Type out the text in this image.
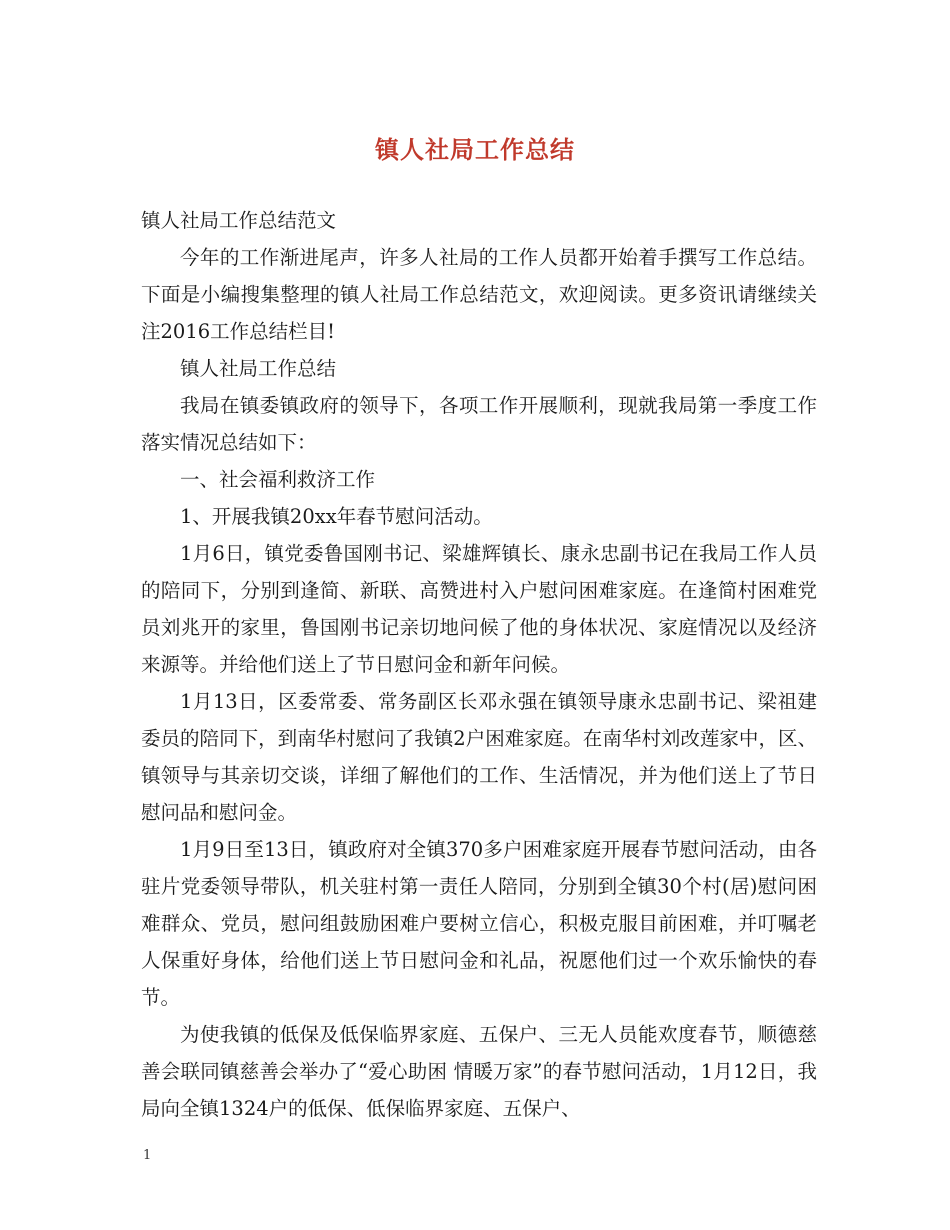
镇人社局工作总结

镇人社局工作总结范文

今年的工作渐进尾声，许多人社局的工作人员都开始着手撰写工作总结。下面是小编搜集整理的镇人社局工作总结范文，欢迎阅读。更多资讯请继续关注2016工作总结栏目!

镇人社局工作总结

我局在镇委镇政府的领导下，各项工作开展顺利，现就我局第一季度工作落实情况总结如下：

一、社会福利救济工作

1、开展我镇20xx年春节慰问活动。

1月6日，镇党委鲁国刚书记、梁雄辉镇长、康永忠副书记在我局工作人员的陪同下，分别到逢简、新联、高赞进村入户慰问困难家庭。在逢简村困难党员刘兆开的家里，鲁国刚书记亲切地问候了他的身体状况、家庭情况以及经济来源等。并给他们送上了节日慰问金和新年问候。

1月13日，区委常委、常务副区长邓永强在镇领导康永忠副书记、梁祖建委员的陪同下，到南华村慰问了我镇2户困难家庭。在南华村刘改莲家中，区、镇领导与其亲切交谈，详细了解他们的工作、生活情况，并为他们送上了节日慰问品和慰问金。

1月9日至13日，镇政府对全镇370多户困难家庭开展春节慰问活动，由各驻片党委领导带队，机关驻村第一责任人陪同，分别到全镇30个村(居)慰问困难群众、党员，慰问组鼓励困难户要树立信心，积极克服目前困难，并叮嘱老人保重好身体，给他们送上节日慰问金和礼品，祝愿他们过一个欢乐愉快的春节。

为使我镇的低保及低保临界家庭、五保户、三无人员能欢度春节，顺德慈善会联同镇慈善会举办了“爱心助困 情暖万家”的春节慰问活动，1月12日，我局向全镇1324户的低保、低保临界家庭、五保户、

1
